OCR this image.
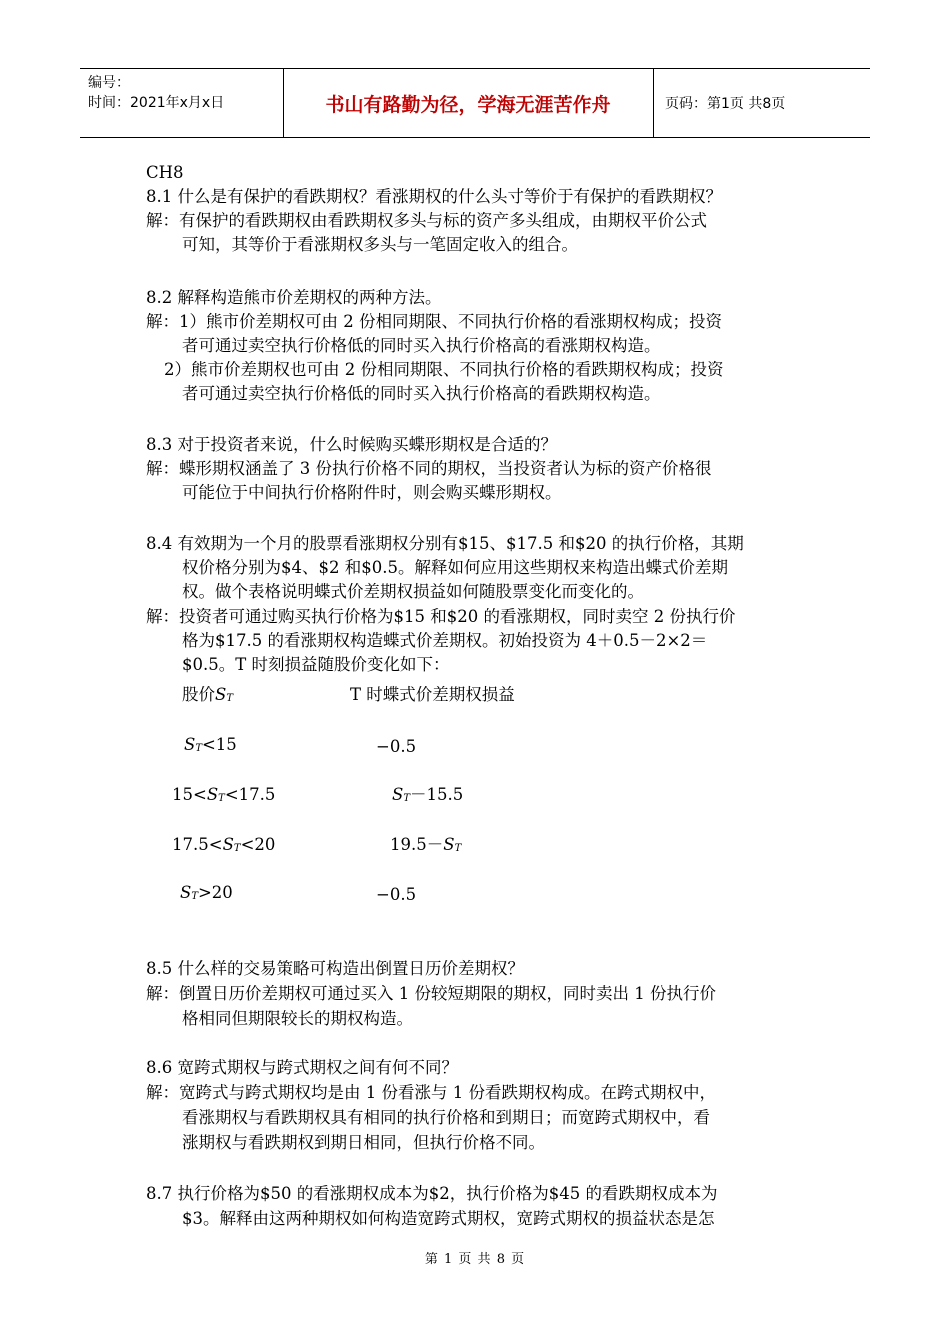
编号：
时间：2021年x月x日	书山有路勤为径，学海无涯苦作舟	页码：第1页 共8页
CH8
8.1 什么是有保护的看跌期权？看涨期权的什么头寸等价于有保护的看跌期权？
解：有保护的看跌期权由看跌期权多头与标的资产多头组成，由期权平价公式
可知，其等价于看涨期权多头与一笔固定收入的组合。
8.2 解释构造熊市价差期权的两种方法。
解：1）熊市价差期权可由 2 份相同期限、不同执行价格的看涨期权构成；投资
者可通过卖空执行价格低的同时买入执行价格高的看涨期权构造。
2）熊市价差期权也可由 2 份相同期限、不同执行价格的看跌期权构成；投资
者可通过卖空执行价格低的同时买入执行价格高的看跌期权构造。
8.3 对于投资者来说，什么时候购买蝶形期权是合适的？
解：蝶形期权涵盖了 3 份执行价格不同的期权，当投资者认为标的资产价格很
可能位于中间执行价格附件时，则会购买蝶形期权。
8.4 有效期为一个月的股票看涨期权分别有$15、$17.5 和$20 的执行价格，其期
权价格分别为$4、$2 和$0.5。解释如何应用这些期权来构造出蝶式价差期
权。做个表格说明蝶式价差期权损益如何随股票变化而变化的。
解：投资者可通过购买执行价格为$15 和$20 的看涨期权，同时卖空 2 份执行价
格为$17.5 的看涨期权构造蝶式价差期权。初始投资为 4＋0.5－2×2＝
$0.5。T 时刻损益随股价变化如下：
股价$S_T$	T 时蝶式价差期权损益
$S_T<15$	−0.5
$15<S_T<17.5$	$S_T-15.5$
$17.5<S_T<20$	$19.5-S_T$
$S_T>20$	−0.5
8.5 什么样的交易策略可构造出倒置日历价差期权？
解：倒置日历价差期权可通过买入 1 份较短期限的期权，同时卖出 1 份执行价
格相同但期限较长的期权构造。
8.6 宽跨式期权与跨式期权之间有何不同？
解：宽跨式与跨式期权均是由 1 份看涨与 1 份看跌期权构成。在跨式期权中，
看涨期权与看跌期权具有相同的执行价格和到期日；而宽跨式期权中，看
涨期权与看跌期权到期日相同，但执行价格不同。
8.7 执行价格为$50 的看涨期权成本为$2，执行价格为$45 的看跌期权成本为
$3。解释由这两种期权如何构造宽跨式期权，宽跨式期权的损益状态是怎
第 1 页 共 8 页
